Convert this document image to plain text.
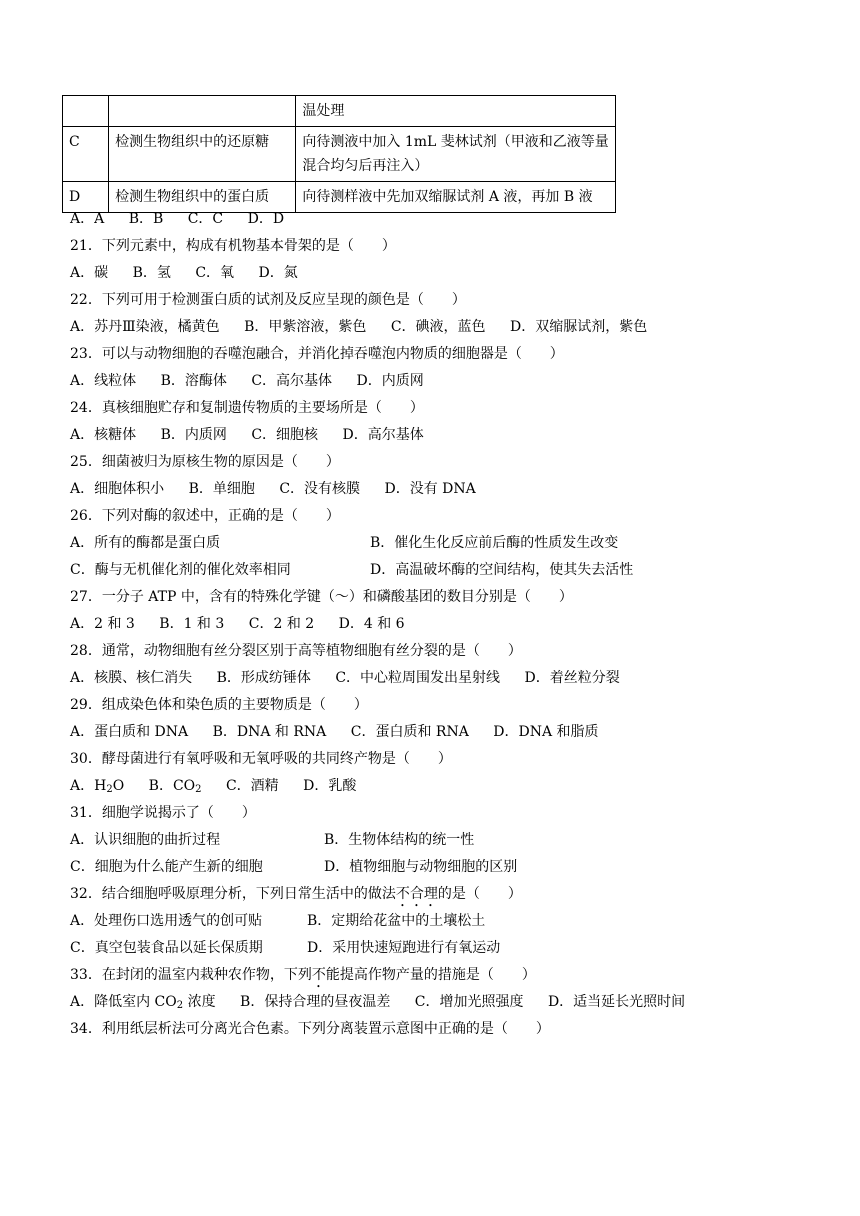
		温处理
C	检测生物组织中的还原糖	向待测液中加入 1mL 斐林试剂（甲液和乙液等量混合均匀后再注入）
D	检测生物组织中的蛋白质	向待测样液中先加双缩脲试剂 A 液，再加 B 液
A．A B．B C．C D．D
21．下列元素中，构成有机物基本骨架的是（　　）
A．碳 B．氢 C．氧 D．氮
22．下列可用于检测蛋白质的试剂及反应呈现的颜色是（　　）
A．苏丹Ⅲ染液，橘黄色 B．甲紫溶液，紫色 C．碘液，蓝色 D．双缩脲试剂，紫色
23．可以与动物细胞的吞噬泡融合，并消化掉吞噬泡内物质的细胞器是（　　）
A．线粒体 B．溶酶体 C．高尔基体 D．内质网
24．真核细胞贮存和复制遗传物质的主要场所是（　　）
A．核糖体 B．内质网 C．细胞核 D．高尔基体
25．细菌被归为原核生物的原因是（　　）
A．细胞体积小 B．单细胞 C．没有核膜 D．没有 DNA
26．下列对酶的叙述中，正确的是（　　）
A．所有的酶都是蛋白质	B．催化生化反应前后酶的性质发生改变
C．酶与无机催化剂的催化效率相同	D．高温破坏酶的空间结构，使其失去活性
27．一分子 ATP 中，含有的特殊化学键（～）和磷酸基团的数目分别是（　　）
A．2 和 3 B．1 和 3 C．2 和 2 D．4 和 6
28．通常，动物细胞有丝分裂区别于高等植物细胞有丝分裂的是（　　）
A．核膜、核仁消失 B．形成纺锤体 C．中心粒周围发出星射线 D．着丝粒分裂
29．组成染色体和染色质的主要物质是（　　）
A．蛋白质和 DNA B．DNA 和 RNA C．蛋白质和 RNA D．DNA 和脂质
30．酵母菌进行有氧呼吸和无氧呼吸的共同终产物是（　　）
A．$H_2O$ B．$CO_2$ C．酒精 D．乳酸
31．细胞学说揭示了（　　）
A．认识细胞的曲折过程	B．生物体结构的统一性
C．细胞为什么能产生新的细胞	D．植物细胞与动物细胞的区别
32．结合细胞呼吸原理分析，下列日常生活中的做法不合理的是（　　）
A．处理伤口选用透气的创可贴	B．定期给花盆中的土壤松土
C．真空包装食品以延长保质期	D．采用快速短跑进行有氧运动
33．在封闭的温室内栽种农作物，下列不能提高作物产量的措施是（　　）
A．降低室内 $CO_2$ 浓度 B．保持合理的昼夜温差 C．增加光照强度 D．适当延长光照时间
34．利用纸层析法可分离光合色素。下列分离装置示意图中正确的是（　　）
